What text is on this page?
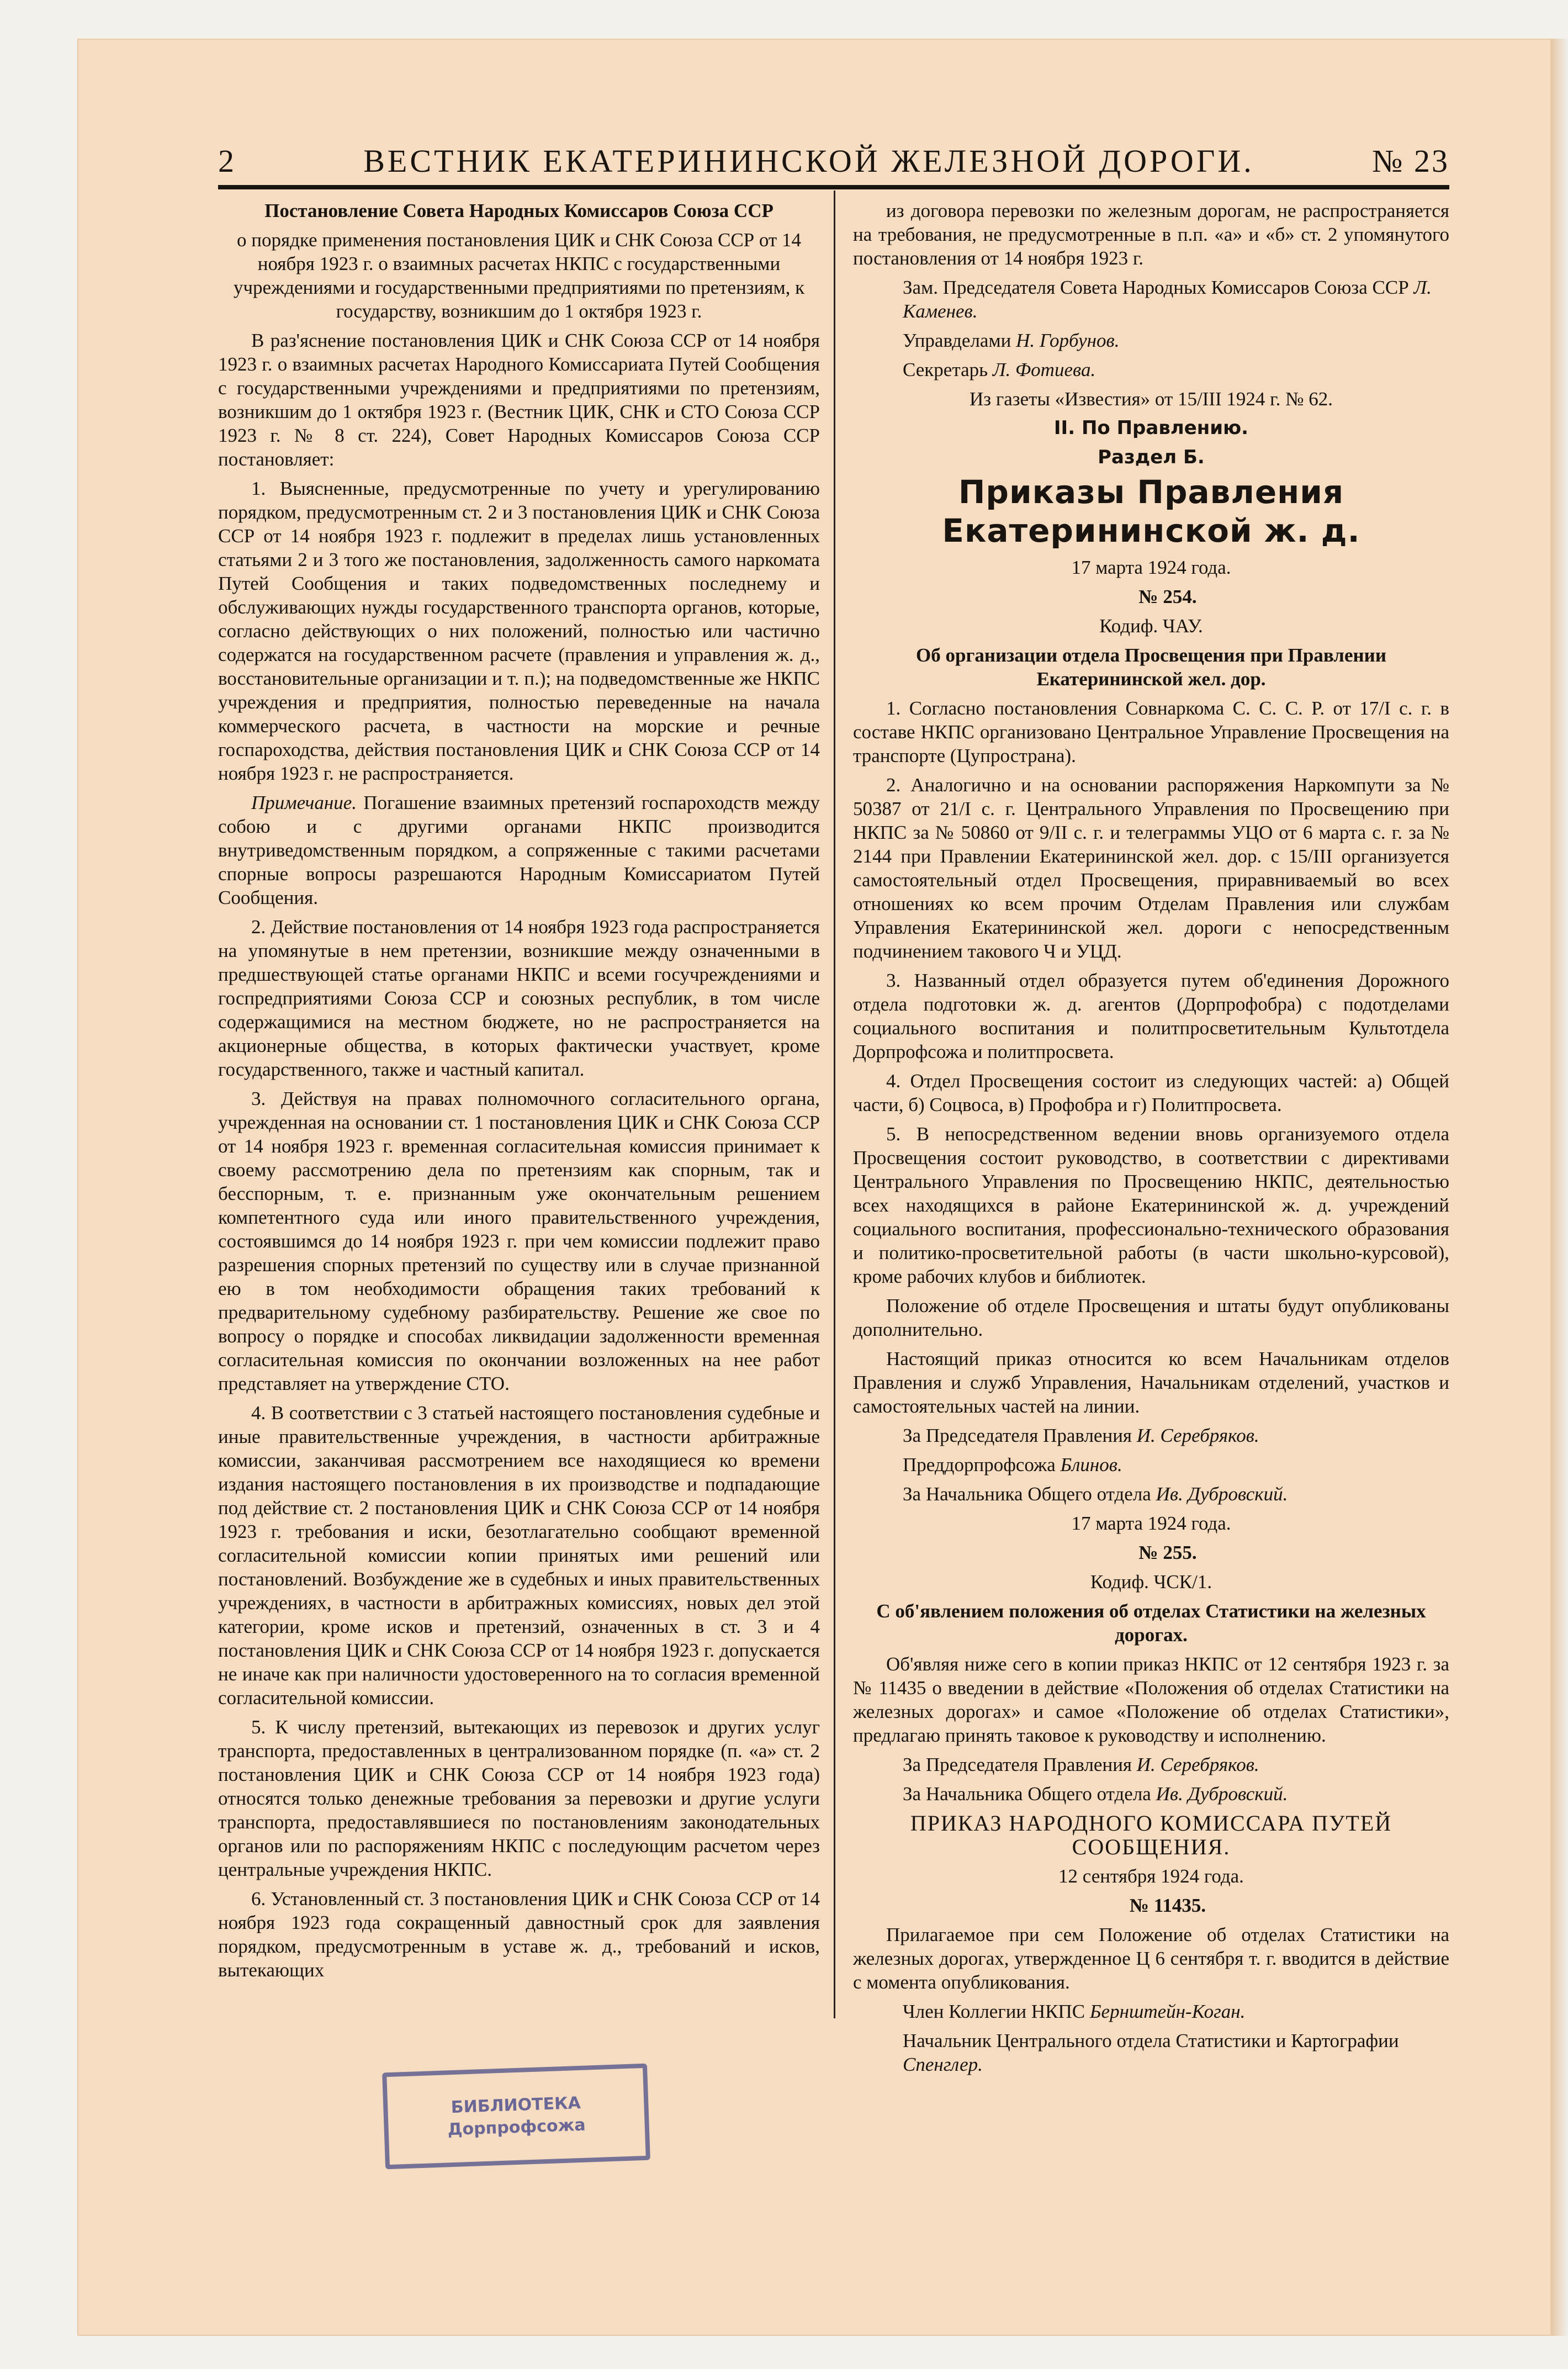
2	ВЕСТНИК ЕКАТЕРИНИНСКОЙ ЖЕЛЕЗНОЙ ДОРОГИ.	№ 23

Постановление Совета Народных Комиссаров Союза ССР

о порядке применения постановления ЦИК и СНК Союза ССР от 14 ноября 1923 г. о взаимных расчетах НКПС с государственными учреждениями и государственными предприятиями по претензиям, к государству, возникшим до 1 октября 1923 г.

В раз'яснение постановления ЦИК и СНК Союза ССР от 14 ноября 1923 г. о взаимных расчетах Народного Комиссариата Путей Сообщения с государственными учреждениями и предприятиями по претензиям, возникшим до 1 октября 1923 г. (Вестник ЦИК, СНК и СТО Союза ССР 1923 г. № 8 ст. 224), Совет Народных Комиссаров Союза ССР постановляет:

1. Выясненные, предусмотренные по учету и урегулированию порядком, предусмотренным ст. 2 и 3 постановления ЦИК и СНК Союза ССР от 14 ноября 1923 г. подлежит в пределах лишь установленных статьями 2 и 3 того же постановления, задолженность самого наркомата Путей Сообщения и таких подведомственных последнему и обслуживающих нужды государственного транспорта органов, которые, согласно действующих о них положений, полностью или частично содержатся на государственном расчете (правления и управления ж. д., восстановительные организации и т. п.); на подведомственные же НКПС учреждения и предприятия, полностью переведенные на начала коммерческого расчета, в частности на морские и речные госпароходства, действия постановления ЦИК и СНК Союза ССР от 14 ноября 1923 г. не распространяется.

Примечание. Погашение взаимных претензий госпароходств между собою и с другими органами НКПС производится внутриведомственным порядком, а сопряженные с такими расчетами спорные вопросы разрешаются Народным Комиссариатом Путей Сообщения.

2. Действие постановления от 14 ноября 1923 года распространяется на упомянутые в нем претензии, возникшие между означенными в предшествующей статье органами НКПС и всеми госучреждениями и госпредприятиями Союза ССР и союзных республик, в том числе содержащимися на местном бюджете, но не распространяется на акционерные общества, в которых фактически участвует, кроме государственного, также и частный капитал.

3. Действуя на правах полномочного согласительного органа, учрежденная на основании ст. 1 постановления ЦИК и СНК Союза ССР от 14 ноября 1923 г. временная согласительная комиссия принимает к своему рассмотрению дела по претензиям как спорным, так и бесспорным, т. е. признанным уже окончательным решением компетентного суда или иного правительственного учреждения, состоявшимся до 14 ноября 1923 г. при чем комиссии подлежит право разрешения спорных претензий по существу или в случае признанной ею в том необходимости обращения таких требований к предварительному судебному разбирательству. Решение же свое по вопросу о порядке и способах ликвидации задолженности временная согласительная комиссия по окончании возложенных на нее работ представляет на утверждение СТО.

4. В соответствии с 3 статьей настоящего постановления судебные и иные правительственные учреждения, в частности арбитражные комиссии, заканчивая рассмотрением все находящиеся ко времени издания настоящего постановления в их производстве и подпадающие под действие ст. 2 постановления ЦИК и СНК Союза ССР от 14 ноября 1923 г. требования и иски, безотлагательно сообщают временной согласительной комиссии копии принятых ими решений или постановлений. Возбуждение же в судебных и иных правительственных учреждениях, в частности в арбитражных комиссиях, новых дел этой категории, кроме исков и претензий, означенных в ст. 3 и 4 постановления ЦИК и СНК Союза ССР от 14 ноября 1923 г. допускается не иначе как при наличности удостоверенного на то согласия временной согласительной комиссии.

5. К числу претензий, вытекающих из перевозок и других услуг транспорта, предоставленных в централизованном порядке (п. «а» ст. 2 постановления ЦИК и СНК Союза ССР от 14 ноября 1923 года) относятся только денежные требования за перевозки и другие услуги транспорта, предоставлявшиеся по постановлениям законодательных органов или по распоряжениям НКПС с последующим расчетом через центральные учреждения НКПС.

6. Установленный ст. 3 постановления ЦИК и СНК Союза ССР от 14 ноября 1923 года сокращенный давностный срок для заявления порядком, предусмотренным в уставе ж. д., требований и исков, вытекающих

из договора перевозки по железным дорогам, не распространяется на требования, не предусмотренные в п.п. «а» и «б» ст. 2 упомянутого постановления от 14 ноября 1923 г.

Зам. Председателя Совета Народных Комиссаров Союза ССР Л. Каменев.

Управделами Н. Горбунов.

Секретарь Л. Фотиева.

Из газеты «Известия» от 15/III 1924 г. № 62.

II. По Правлению.
Раздел Б.
Приказы Правления Екатерининской ж. д.

17 марта 1924 года.

№ 254.

Кодиф. ЧАУ.

Об организации отдела Просвещения при Правлении Екатерининской жел. дор.

1. Согласно постановления Совнаркома С. С. С. Р. от 17/I с. г. в составе НКПС организовано Центральное Управление Просвещения на транспорте (Цупространа).

2. Аналогично и на основании распоряжения Наркомпути за № 50387 от 21/I с. г. Центрального Управления по Просвещению при НКПС за № 50860 от 9/II с. г. и телеграммы УЦО от 6 марта с. г. за № 2144 при Правлении Екатерининской жел. дор. с 15/III организуется самостоятельный отдел Просвещения, приравниваемый во всех отношениях ко всем прочим Отделам Правления или службам Управления Екатерининской жел. дороги с непосредственным подчинением такового Ч и УЦД.

3. Названный отдел образуется путем об'единения Дорожного отдела подготовки ж. д. агентов (Дорпрофобра) с подотделами социального воспитания и политпросветительным Культотдела Дорпрофсожа и политпросвета.

4. Отдел Просвещения состоит из следующих частей: а) Общей части, б) Соцвоса, в) Профобра и г) Политпросвета.

5. В непосредственном ведении вновь организуемого отдела Просвещения состоит руководство, в соответствии с директивами Центрального Управления по Просвещению НКПС, деятельностью всех находящихся в районе Екатерининской ж. д. учреждений социального воспитания, профессионально-технического образования и политико-просветительной работы (в части школьно-курсовой), кроме рабочих клубов и библиотек.

Положение об отделе Просвещения и штаты будут опубликованы дополнительно.

Настоящий приказ относится ко всем Начальникам отделов Правления и служб Управления, Начальникам отделений, участков и самостоятельных частей на линии.

За Председателя Правления И. Серебряков.

Преддорпрофсожа Блинов.

За Начальника Общего отдела Ив. Дубровский.

17 марта 1924 года.

№ 255.

Кодиф. ЧСК/1.

С об'явлением положения об отделах Статистики на железных дорогах.

Об'являя ниже сего в копии приказ НКПС от 12 сентября 1923 г. за № 11435 о введении в действие «Положения об отделах Статистики на железных дорогах» и самое «Положение об отделах Статистики», предлагаю принять таковое к руководству и исполнению.

За Председателя Правления И. Серебряков.

За Начальника Общего отдела Ив. Дубровский.

ПРИКАЗ НАРОДНОГО КОМИССАРА ПУТЕЙ СООБЩЕНИЯ.

12 сентября 1924 года.

№ 11435.

Прилагаемое при сем Положение об отделах Статистики на железных дорогах, утвержденное Ц 6 сентября т. г. вводится в действие с момента опубликования.

Член Коллегии НКПС Бернштейн-Коган.

Начальник Центрального отдела Статистики и Картографии Спенглер.

БИБЛИОТЕКА
Дорпрофсожа
